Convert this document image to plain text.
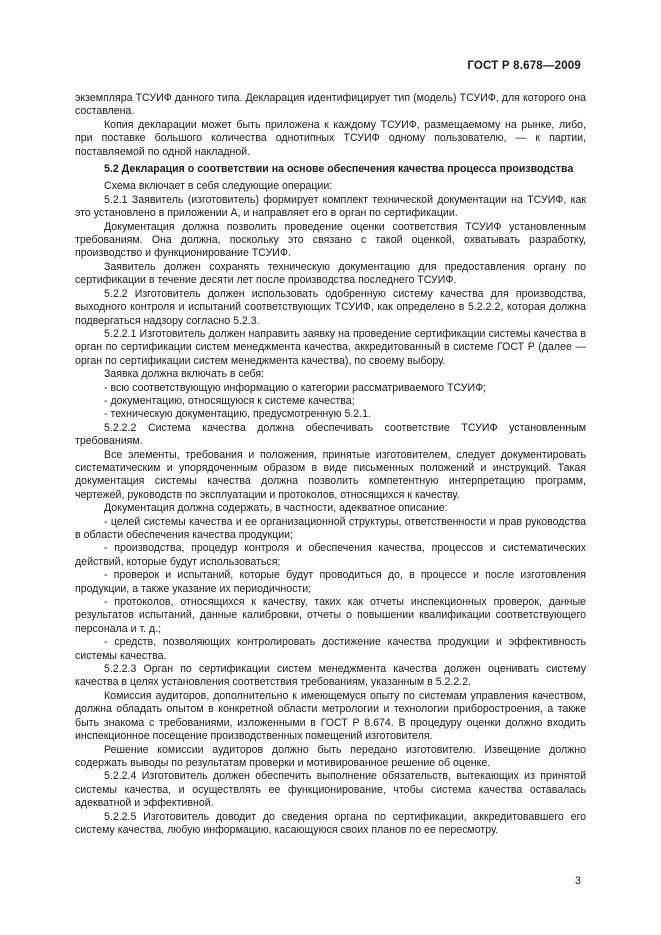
ГОСТ Р 8.678—2009

экземпляра ТСУИФ данного типа. Декларация идентифицирует тип (модель) ТСУИФ, для которого она составлена.

Копия декларации может быть приложена к каждому ТСУИФ, размещаемому на рынке, либо, при поставке большого количества однотипных ТСУИФ одному пользователю, — к партии, поставляемой по одной накладной.

5.2 Декларация о соответствии на основе обеспечения качества процесса производства

Схема включает в себя следующие операции:

5.2.1 Заявитель (изготовитель) формирует комплект технической документации на ТСУИФ, как это установлено в приложении А, и направляет его в орган по сертификации.

Документация должна позволить проведение оценки соответствия ТСУИФ установленным требованиям. Она должна, поскольку это связано с такой оценкой, охватывать разработку, производство и функционирование ТСУИФ.

Заявитель должен сохранять техническую документацию для предоставления органу по сертификации в течение десяти лет после производства последнего ТСУИФ.

5.2.2 Изготовитель должен использовать одобренную систему качества для производства, выходного контроля и испытаний соответствующих ТСУИФ, как определено в 5.2.2.2, которая должна подвергаться надзору согласно 5.2.3.

5.2.2.1 Изготовитель должен направить заявку на проведение сертификации системы качества в орган по сертификации систем менеджмента качества, аккредитованный в системе ГОСТ Р (далее — орган по сертификации систем менеджмента качества), по своему выбору.

Заявка должна включать в себя:

- всю соответствующую информацию о категории рассматриваемого ТСУИФ;

- документацию, относящуюся к системе качества;

- техническую документацию, предусмотренную 5.2.1.

5.2.2.2 Система качества должна обеспечивать соответствие ТСУИФ установленным требованиям.

Все элементы, требования и положения, принятые изготовителем, следует документировать систематическим и упорядоченным образом в виде письменных положений и инструкций. Такая документация системы качества должна позволить компетентную интерпретацию программ, чертежей, руководств по эксплуатации и протоколов, относящихся к качеству.

Документация должна содержать, в частности, адекватное описание:

- целей системы качества и ее организационной структуры, ответственности и прав руководства в области обеспечения качества продукции;

- производства, процедур контроля и обеспечения качества, процессов и систематических действий, которые будут использоваться;

- проверок и испытаний, которые будут проводиться до, в процессе и после изготовления продукции, а также указание их периодичности;

- протоколов, относящихся к качеству, таких как отчеты инспекционных проверок, данные результатов испытаний, данные калибровки, отчеты о повышении квалификации соответствующего персонала и т. д.;

- средств, позволяющих контролировать достижение качества продукции и эффективность системы качества.

5.2.2.3 Орган по сертификации систем менеджмента качества должен оценивать систему качества в целях установления соответствия требованиям, указанным в 5.2.2.2.

Комиссия аудиторов, дополнительно к имеющемуся опыту по системам управления качеством, должна обладать опытом в конкретной области метрологии и технологии приборостроения, а также быть знакома с требованиями, изложенными в ГОСТ Р 8.674. В процедуру оценки должно входить инспекционное посещение производственных помещений изготовителя.

Решение комиссии аудиторов должно быть передано изготовителю. Извещение должно содержать выводы по результатам проверки и мотивированное решение об оценке.

5.2.2.4 Изготовитель должен обеспечить выполнение обязательств, вытекающих из принятой системы качества, и осуществлять ее функционирование, чтобы система качества оставалась адекватной и эффективной.

5.2.2.5 Изготовитель доводит до сведения органа по сертификации, аккредитовавшего его систему качества, любую информацию, касающуюся своих планов по ее пересмотру.

3
